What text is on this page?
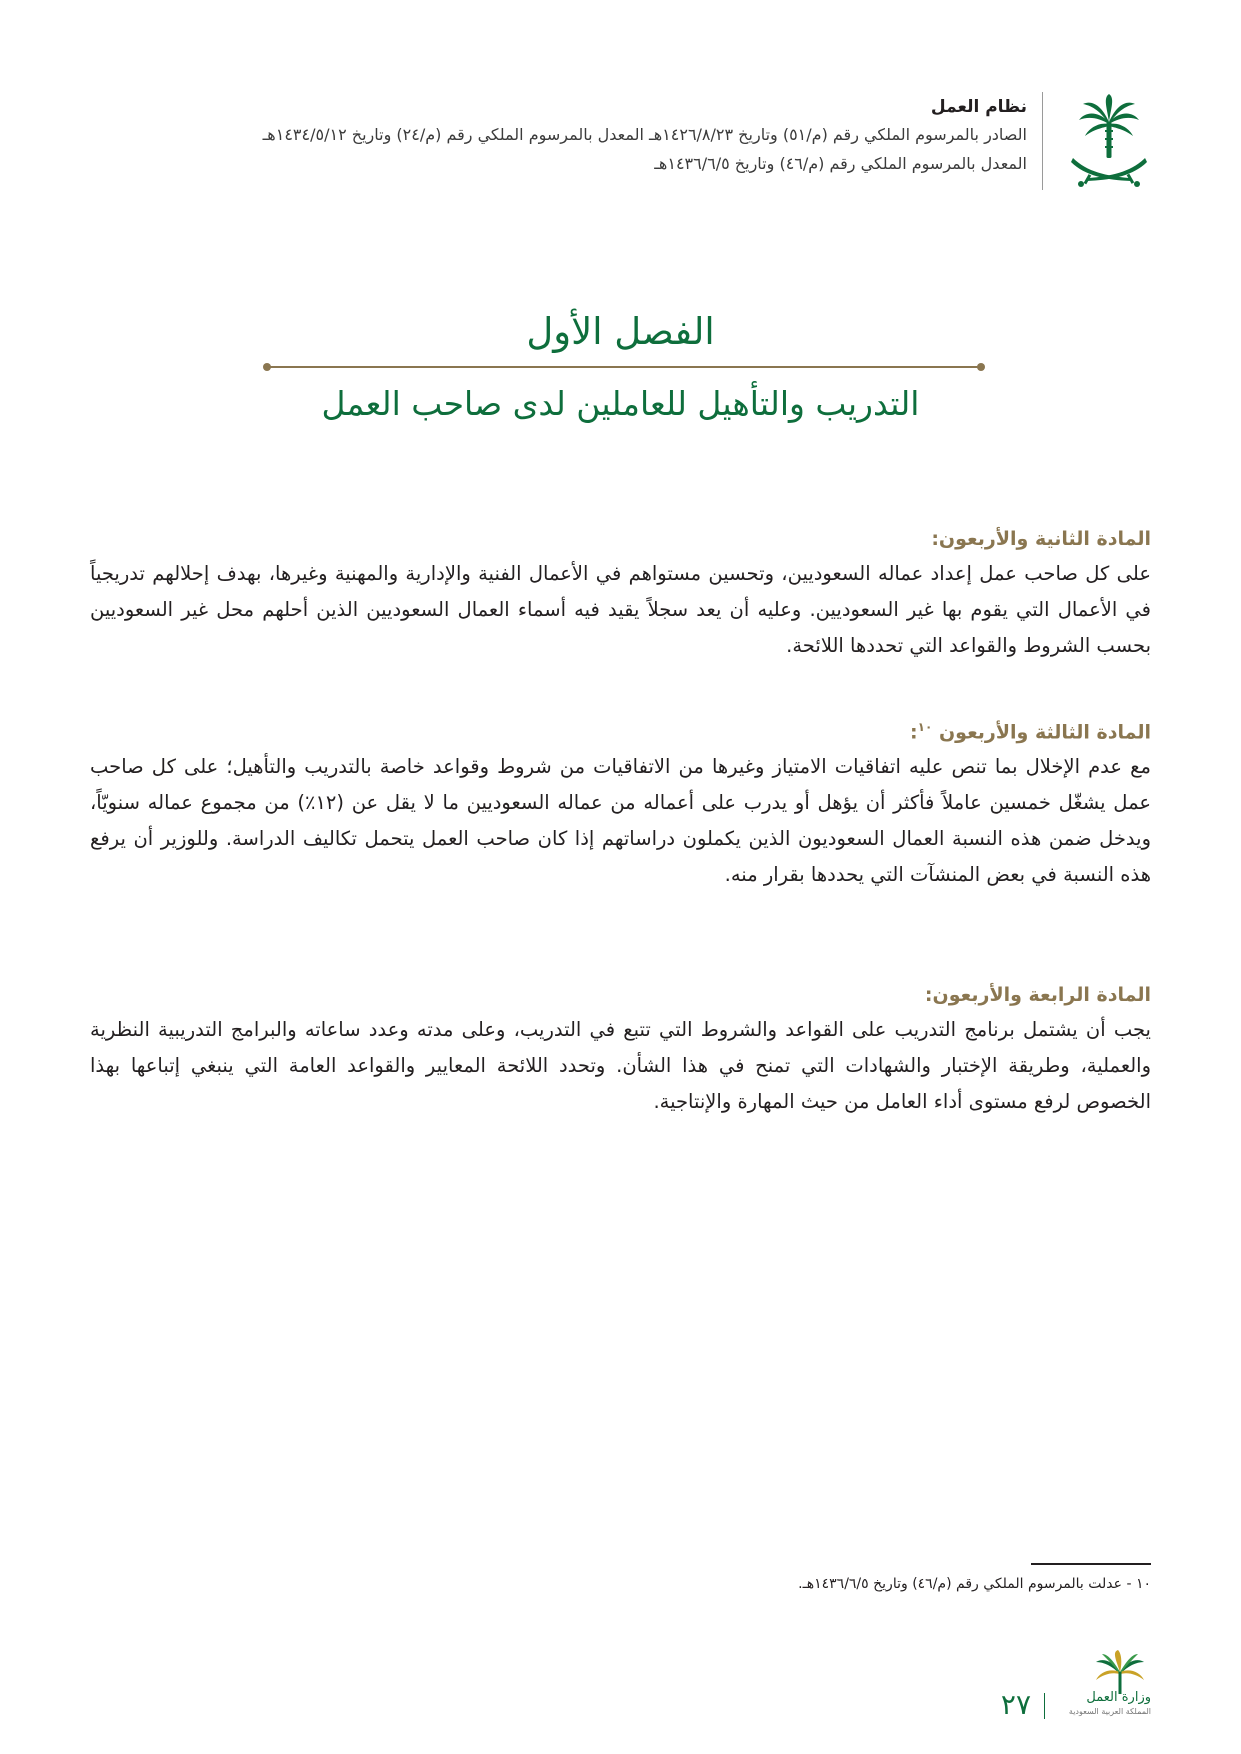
نظام العمل
الصادر بالمرسوم الملكي رقم (م/٥١) وتاريخ ١٤٢٦/٨/٢٣هـ المعدل بالمرسوم الملكي رقم (م/٢٤) وتاريخ ١٤٣٤/٥/١٢هـ
المعدل بالمرسوم الملكي رقم (م/٤٦) وتاريخ ١٤٣٦/٦/٥هـ
الفصل الأول
التدريب والتأهيل للعاملين لدى صاحب العمل
المادة الثانية والأربعون:
على كل صاحب عمل إعداد عماله السعوديين، وتحسين مستواهم في الأعمال الفنية والإدارية والمهنية وغيرها، بهدف إحلالهم تدريجياً في الأعمال التي يقوم بها غير السعوديين. وعليه أن يعد سجلاً يقيد فيه أسماء العمال السعوديين الذين أحلهم محل غير السعوديين بحسب الشروط والقواعد التي تحددها اللائحة.
المادة الثالثة والأربعون $^{١٠}$:
مع عدم الإخلال بما تنص عليه اتفاقيات الامتياز وغيرها من الاتفاقيات من شروط وقواعد خاصة بالتدريب والتأهيل؛ على كل صاحب عمل يشغّل خمسين عاملاً فأكثر أن يؤهل أو يدرب على أعماله من عماله السعوديين ما لا يقل عن (١٢٪) من مجموع عماله سنويّاً، ويدخل ضمن هذه النسبة العمال السعوديون الذين يكملون دراساتهم إذا كان صاحب العمل يتحمل تكاليف الدراسة. وللوزير أن يرفع هذه النسبة في بعض المنشآت التي يحددها بقرار منه.
المادة الرابعة والأربعون:
يجب أن يشتمل برنامج التدريب على القواعد والشروط التي تتبع في التدريب، وعلى مدته وعدد ساعاته والبرامج التدريبية النظرية والعملية، وطريقة الإختبار والشهادات التي تمنح في هذا الشأن. وتحدد اللائحة المعايير والقواعد العامة التي ينبغي إتباعها بهذا الخصوص لرفع مستوى أداء العامل من حيث المهارة والإنتاجية.
١٠ - عدلت بالمرسوم الملكي رقم (م/٤٦) وتاريخ ١٤٣٦/٦/٥هـ.
وزارة العمل
المملكة العربية السعودية
٢٧
